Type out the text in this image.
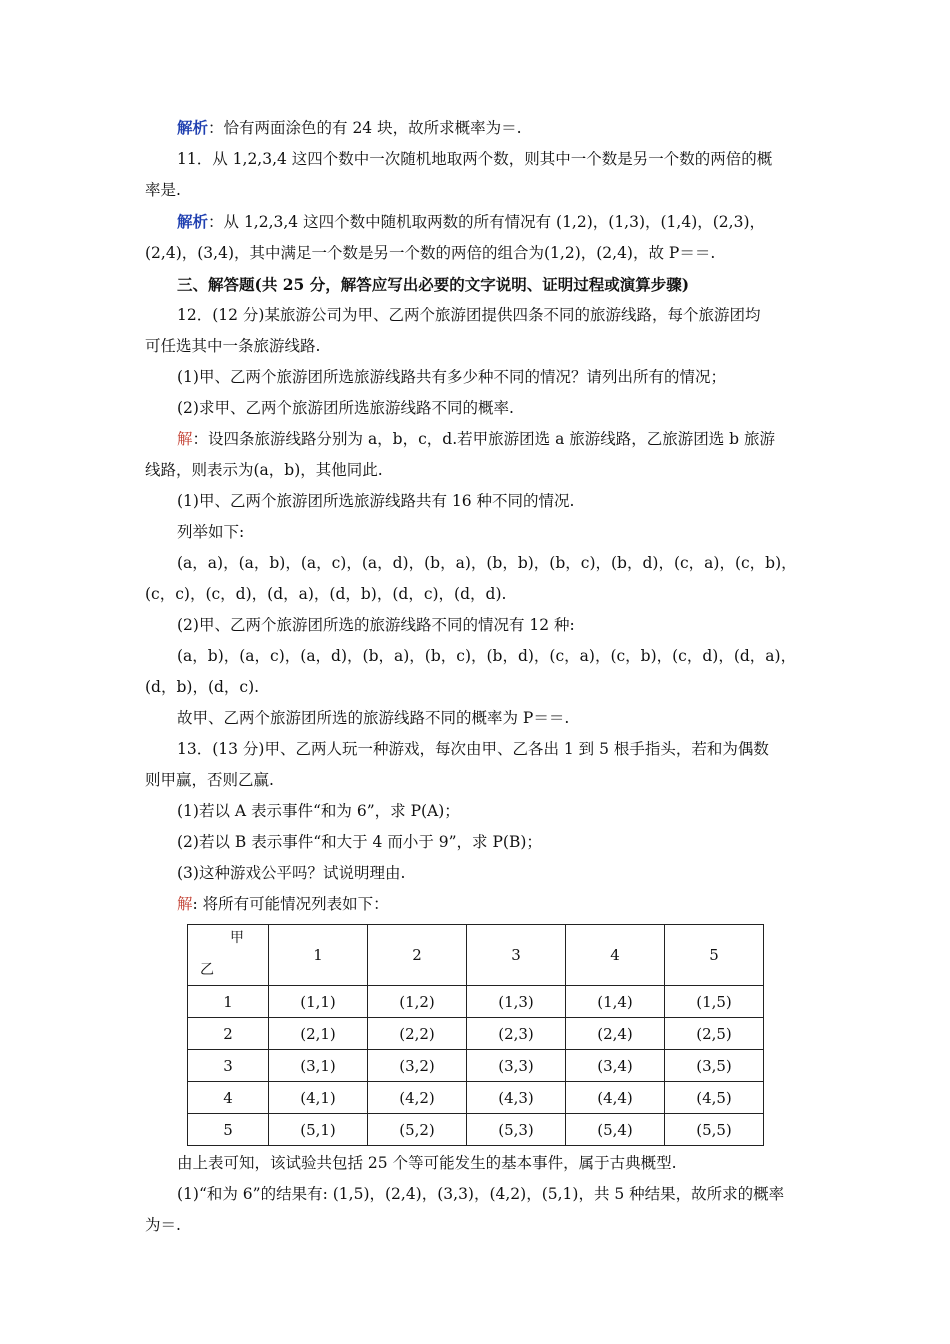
解析：恰有两面涂色的有 24 块，故所求概率为＝.
11．从 1,2,3,4 这四个数中一次随机地取两个数，则其中一个数是另一个数的两倍的概
率是.
解析：从 1,2,3,4 这四个数中随机取两数的所有情况有 (1,2)，(1,3)，(1,4)，(2,3)，
(2,4)，(3,4)，其中满足一个数是另一个数的两倍的组合为(1,2)，(2,4)，故 P＝＝.
三、解答题(共 25 分，解答应写出必要的文字说明、证明过程或演算步骤)
12．(12 分)某旅游公司为甲、乙两个旅游团提供四条不同的旅游线路，每个旅游团均
可任选其中一条旅游线路.
(1)甲、乙两个旅游团所选旅游线路共有多少种不同的情况？请列出所有的情况；
(2)求甲、乙两个旅游团所选旅游线路不同的概率.
解：设四条旅游线路分别为 a，b，c，d.若甲旅游团选 a 旅游线路，乙旅游团选 b 旅游
线路，则表示为(a，b)，其他同此.
(1)甲、乙两个旅游团所选旅游线路共有 16 种不同的情况.
列举如下:
(a，a)，(a，b)，(a，c)，(a，d)，(b，a)，(b，b)，(b，c)，(b，d)，(c，a)，(c，b)，
(c，c)，(c，d)，(d，a)，(d，b)，(d，c)，(d，d).
(2)甲、乙两个旅游团所选的旅游线路不同的情况有 12 种:
(a，b)，(a，c)，(a，d)，(b，a)，(b，c)，(b，d)，(c，a)，(c，b)，(c，d)，(d，a)，
(d，b)，(d，c).
故甲、乙两个旅游团所选的旅游线路不同的概率为 P＝＝.
13．(13 分)甲、乙两人玩一种游戏，每次由甲、乙各出 1 到 5 根手指头，若和为偶数
则甲赢，否则乙赢.
(1)若以 A 表示事件“和为 6”，求 P(A)；
(2)若以 B 表示事件“和大于 4 而小于 9”，求 P(B)；
(3)这种游戏公平吗？试说明理由.
解: 将所有可能情况列表如下：
甲
乙	1	2	3	4	5
1	(1,1)	(1,2)	(1,3)	(1,4)	(1,5)
2	(2,1)	(2,2)	(2,3)	(2,4)	(2,5)
3	(3,1)	(3,2)	(3,3)	(3,4)	(3,5)
4	(4,1)	(4,2)	(4,3)	(4,4)	(4,5)
5	(5,1)	(5,2)	(5,3)	(5,4)	(5,5)
由上表可知，该试验共包括 25 个等可能发生的基本事件，属于古典概型.
(1)“和为 6”的结果有: (1,5)，(2,4)，(3,3)，(4,2)，(5,1)，共 5 种结果，故所求的概率
为＝.
